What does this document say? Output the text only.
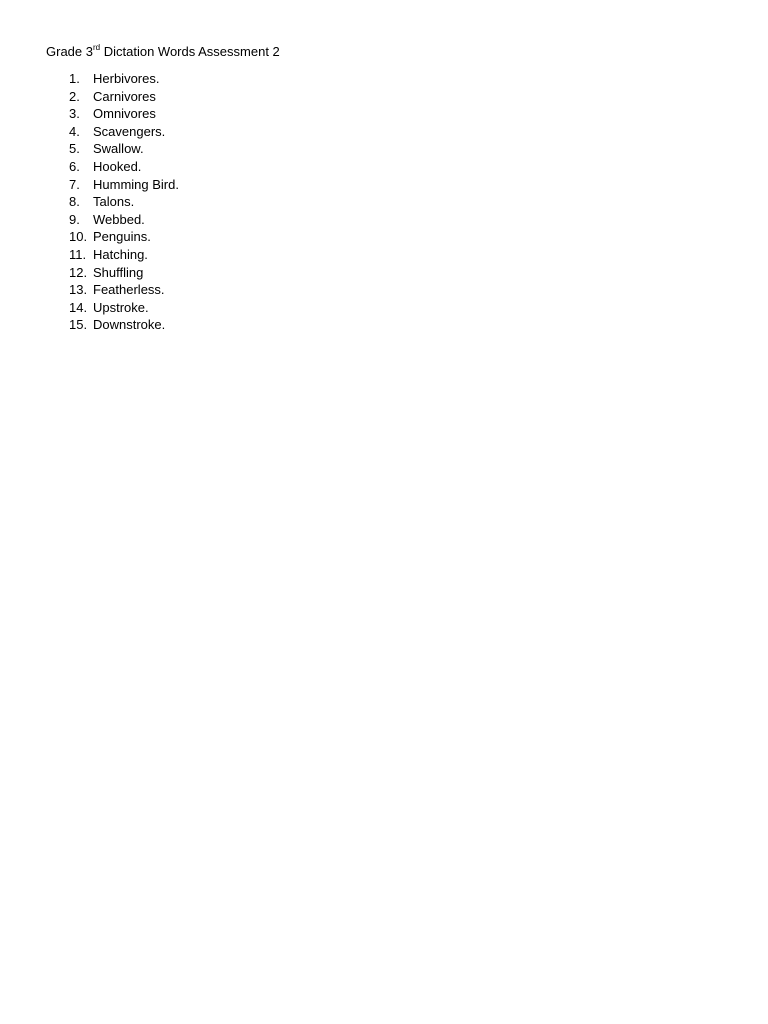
Grade 3rd Dictation Words Assessment 2
1.	Herbivores.
2.	Carnivores
3.	Omnivores
4.	Scavengers.
5.	Swallow.
6.	Hooked.
7.	Humming Bird.
8.	Talons.
9.	Webbed.
10. Penguins.
11. Hatching.
12. Shuffling
13. Featherless.
14. Upstroke.
15. Downstroke.
